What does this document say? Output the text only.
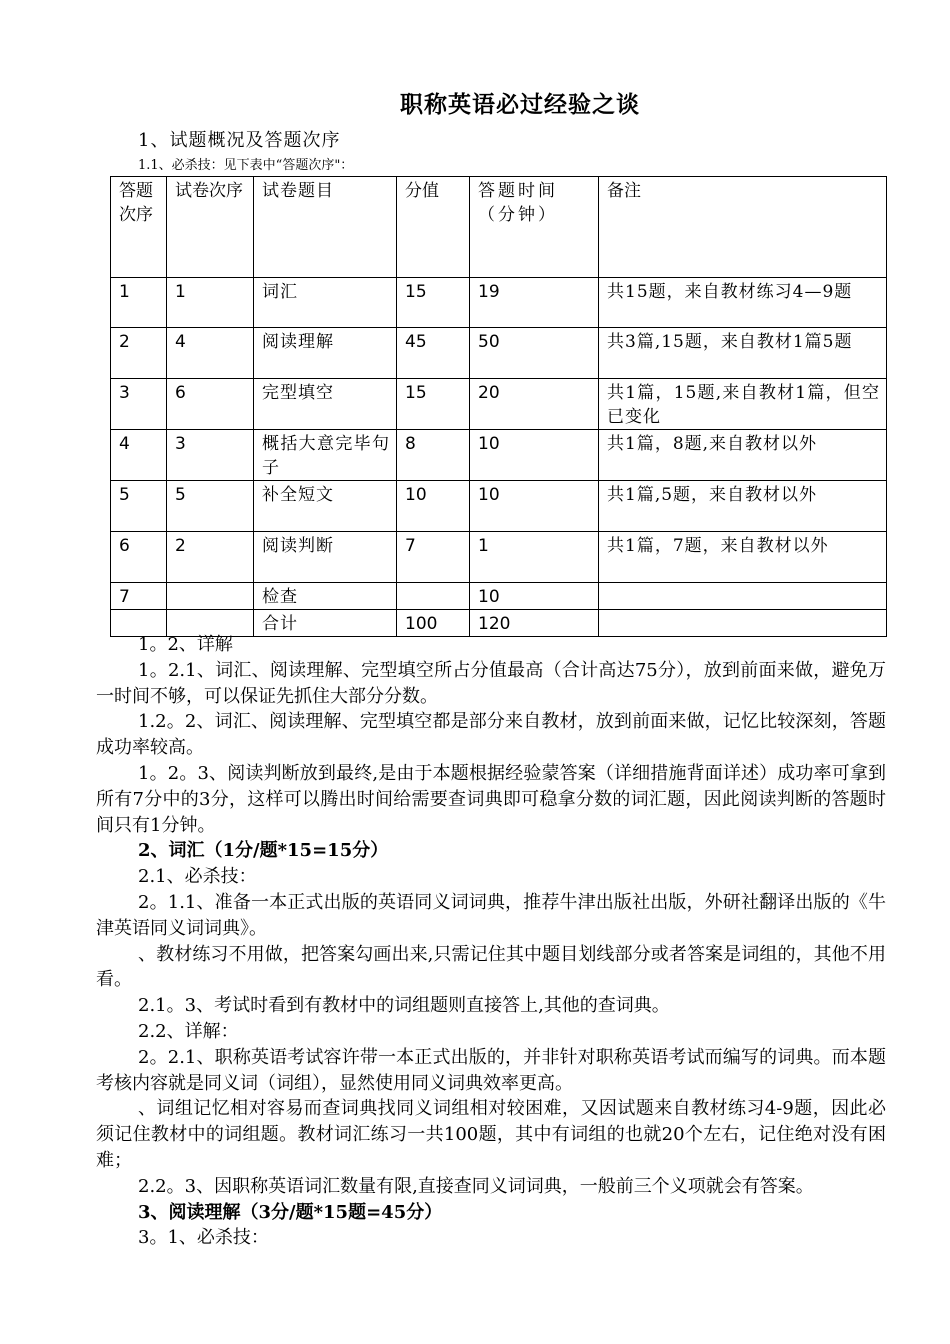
职称英语必过经验之谈
1、试题概况及答题次序
1.1、必杀技：见下表中“答题次序"：
答题次序	试卷次序	试卷题目	分值	答题时间（分钟）	备注
1	1	词汇	15	19	共15题，来自教材练习4—9题
2	4	阅读理解	45	50	共3篇,15题，来自教材1篇5题
3	6	完型填空	15	20	共1篇，15题,来自教材1篇，但空已变化
4	3	概括大意完毕句子	8	10	共1篇，8题,来自教材以外
5	5	补全短文	10	10	共1篇,5题，来自教材以外
6	2	阅读判断	7	1	共1篇，7题，来自教材以外
7		检查		10	
		合计	100	120	

1。2、详解

1。2.1、词汇、阅读理解、完型填空所占分值最高（合计高达75分），放到前面来做，避免万一时间不够，可以保证先抓住大部分分数。

1.2。2、词汇、阅读理解、完型填空都是部分来自教材，放到前面来做，记忆比较深刻，答题成功率较高。

1。2。3、阅读判断放到最终,是由于本题根据经验蒙答案（详细措施背面详述）成功率可拿到所有7分中的3分，这样可以腾出时间给需要查词典即可稳拿分数的词汇题，因此阅读判断的答题时间只有1分钟。

2、词汇（1分/题*15=15分）

2.1、必杀技：

2。1.1、准备一本正式出版的英语同义词词典，推荐牛津出版社出版，外研社翻译出版的《牛津英语同义词词典》。

、教材练习不用做，把答案勾画出来,只需记住其中题目划线部分或者答案是词组的，其他不用看。

2.1。3、考试时看到有教材中的词组题则直接答上,其他的查词典。

2.2、详解：

2。2.1、职称英语考试容许带一本正式出版的，并非针对职称英语考试而编写的词典。而本题考核内容就是同义词（词组），显然使用同义词典效率更高。

、词组记忆相对容易而查词典找同义词组相对较困难，又因试题来自教材练习4-9题，因此必须记住教材中的词组题。教材词汇练习一共100题，其中有词组的也就20个左右，记住绝对没有困难；

2.2。3、因职称英语词汇数量有限,直接查同义词词典，一般前三个义项就会有答案。

3、阅读理解（3分/题*15题=45分）

3。1、必杀技：
